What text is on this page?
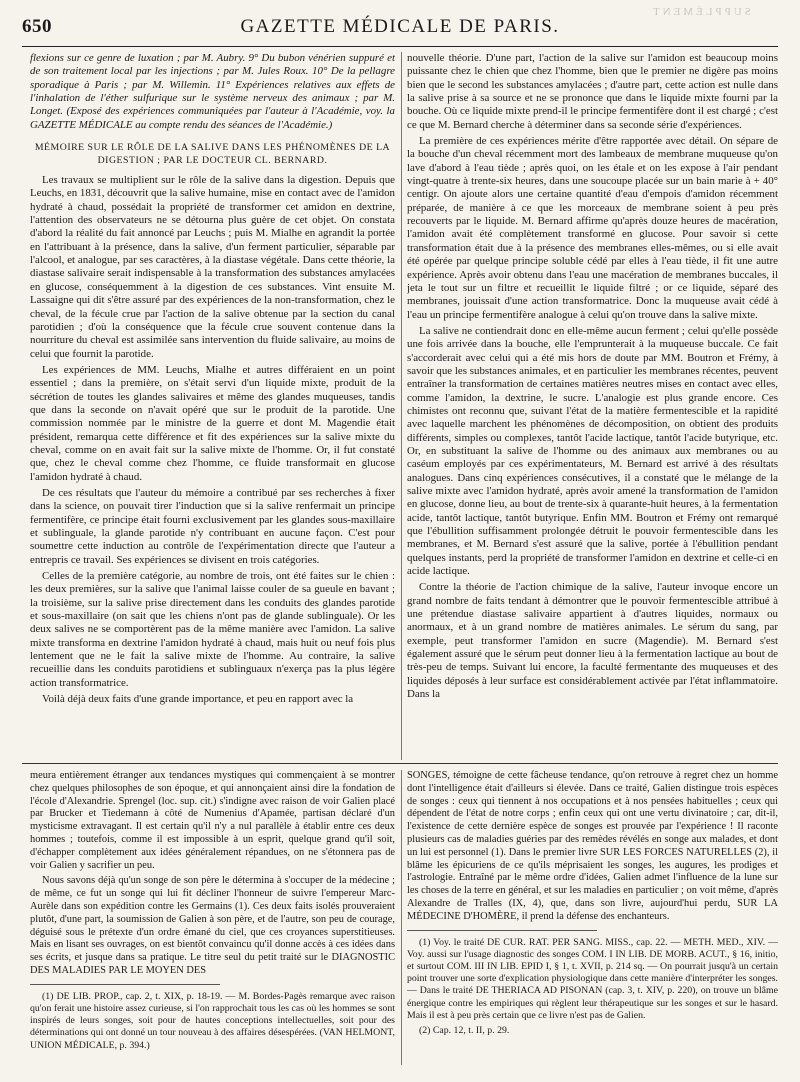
SUPPLÉMENT
650	GAZETTE MÉDICALE DE PARIS.

flexions sur ce genre de luxation ; par M. Aubry. 9° Du bubon vénérien suppuré et de son traitement local par les injections ; par M. Jules Roux. 10° De la pellagre sporadique à Paris ; par M. Willemin. 11° Expériences relatives aux effets de l'inhalation de l'éther sulfurique sur le système nerveux des animaux ; par M. Longet. (Exposé des expériences communiquées par l'auteur à l'Académie, voy. la GAZETTE MÉDICALE au compte rendu des séances de l'Académie.)

MÉMOIRE SUR LE RÔLE DE LA SALIVE DANS LES PHÉNOMÈNES DE LA DIGESTION ; PAR LE DOCTEUR CL. BERNARD.

Les travaux se multiplient sur le rôle de la salive dans la digestion. Depuis que Leuchs, en 1831, découvrit que la salive humaine, mise en contact avec de l'amidon hydraté à chaud, possédait la propriété de transformer cet amidon en dextrine, l'attention des observateurs ne se détourna plus guère de cet objet. On constata d'abord la réalité du fait annoncé par Leuchs ; puis M. Mialhe en agrandit la portée en l'attribuant à la présence, dans la salive, d'un ferment particulier, séparable par l'alcool, et analogue, par ses caractères, à la diastase végétale. Dans cette théorie, la diastase salivaire serait indispensable à la transformation des substances amylacées en glucose, conséquemment à la digestion de ces substances. Vint ensuite M. Lassaigne qui dit s'être assuré par des expériences de la non-transformation, chez le cheval, de la fécule crue par l'action de la salive obtenue par la section du canal parotidien ; d'où la conséquence que la fécule crue souvent contenue dans la nourriture du cheval est assimilée sans intervention du fluide salivaire, au moins de celui que fournit la parotide.

Les expériences de MM. Leuchs, Mialhe et autres différaient en un point essentiel ; dans la première, on s'était servi d'un liquide mixte, produit de la sécrétion de toutes les glandes salivaires et même des glandes muqueuses, tandis que dans la seconde on n'avait opéré que sur le produit de la parotide. Une commission nommée par le ministre de la guerre et dont M. Magendie était président, remarqua cette différence et fit des expériences sur la salive mixte du cheval, comme on en avait fait sur la salive mixte de l'homme. Or, il fut constaté que, chez le cheval comme chez l'homme, ce fluide transformait en glucose l'amidon hydraté à chaud.

De ces résultats que l'auteur du mémoire a contribué par ses recherches à fixer dans la science, on pouvait tirer l'induction que si la salive renfermait un principe fermentifère, ce principe était fourni exclusivement par les glandes sous-maxillaire et sublinguale, la glande parotide n'y contribuant en aucune façon. C'est pour soumettre cette induction au contrôle de l'expérimentation directe que l'auteur a entrepris ce travail. Ses expériences se divisent en trois catégories.

Celles de la première catégorie, au nombre de trois, ont été faites sur le chien : les deux premières, sur la salive que l'animal laisse couler de sa gueule en bavant ; la troisième, sur la salive prise directement dans les conduits des glandes parotide et sous-maxillaire (on sait que les chiens n'ont pas de glande sublinguale). Or les deux salives ne se comportèrent pas de la même manière avec l'amidon. La salive mixte transforma en dextrine l'amidon hydraté à chaud, mais huit ou neuf fois plus lentement que ne le fait la salive mixte de l'homme. Au contraire, la salive recueillie dans les conduits parotidiens et sublinguaux n'exerça pas la plus légère action transformatrice.

Voilà déjà deux faits d'une grande importance, et peu en rapport avec la

nouvelle théorie. D'une part, l'action de la salive sur l'amidon est beaucoup moins puissante chez le chien que chez l'homme, bien que le premier ne digère pas moins bien que le second les substances amylacées ; d'autre part, cette action est nulle dans la salive prise à sa source et ne se prononce que dans le liquide mixte fourni par la bouche. Où ce liquide mixte prend-il le principe fermentifère dont il est chargé ; c'est ce que M. Bernard cherche à déterminer dans sa seconde série d'expériences.

La première de ces expériences mérite d'être rapportée avec détail. On sépare de la bouche d'un cheval récemment mort des lambeaux de membrane muqueuse qu'on lave d'abord à l'eau tiède ; après quoi, on les étale et on les expose à l'air pendant vingt-quatre à trente-six heures, dans une soucoupe placée sur un bain marie à + 40° centigr. On ajoute alors une certaine quantité d'eau d'empois d'amidon récemment préparée, de manière à ce que les morceaux de membrane soient à peu près recouverts par le liquide. M. Bernard affirme qu'après douze heures de macération, l'amidon avait été complètement transformé en glucose. Pour savoir si cette transformation était due à la présence des membranes elles-mêmes, ou si elle avait été opérée par quelque principe soluble cédé par elles à l'eau tiède, il fit une autre expérience. Après avoir obtenu dans l'eau une macération de membranes buccales, il jeta le tout sur un filtre et recueillit le liquide filtré ; or ce liquide, séparé des membranes, jouissait d'une action transformatrice. Donc la muqueuse avait cédé à l'eau un principe fermentifère analogue à celui qu'on trouve dans la salive mixte.

La salive ne contiendrait donc en elle-même aucun ferment ; celui qu'elle possède une fois arrivée dans la bouche, elle l'emprunterait à la muqueuse buccale. Ce fait s'accorderait avec celui qui a été mis hors de doute par MM. Boutron et Frémy, à savoir que les substances animales, et en particulier les membranes récentes, peuvent entraîner la transformation de certaines matières neutres mises en contact avec elles, comme l'amidon, la dextrine, le sucre. L'analogie est plus grande encore. Ces chimistes ont reconnu que, suivant l'état de la matière fermentescible et la rapidité avec laquelle marchent les phénomènes de décomposition, on obtient des produits différents, simples ou complexes, tantôt l'acide lactique, tantôt l'acide butyrique, etc. Or, en substituant la salive de l'homme ou des animaux aux membranes ou au caséum employés par ces expérimentateurs, M. Bernard est arrivé à des résultats analogues. Dans cinq expériences consécutives, il a constaté que le mélange de la salive mixte avec l'amidon hydraté, après avoir amené la transformation de l'amidon en glucose, donne lieu, au bout de trente-six à quarante-huit heures, à la fermentation acide, tantôt lactique, tantôt butyrique. Enfin MM. Boutron et Frémy ont remarqué que l'ébullition suffisamment prolongée détruit le pouvoir fermentescible dans les membranes, et M. Bernard s'est assuré que la salive, portée à l'ébullition pendant quelques instants, perd la propriété de transformer l'amidon en dextrine et celle-ci en acide lactique.

Contre la théorie de l'action chimique de la salive, l'auteur invoque encore un grand nombre de faits tendant à démontrer que le pouvoir fermentescible attribué à une prétendue diastase salivaire appartient à d'autres liquides, normaux ou anormaux, et à un grand nombre de matières animales. Le sérum du sang, par exemple, peut transformer l'amidon en sucre (Magendie). M. Bernard s'est également assuré que le sérum peut donner lieu à la fermentation lactique au bout de très-peu de temps. Suivant lui encore, la faculté fermentante des muqueuses et des liquides déposés à leur surface est considérablement activée par l'état inflammatoire. Dans la

meura entièrement étranger aux tendances mystiques qui commençaient à se montrer chez quelques philosophes de son époque, et qui annonçaient ainsi dire la fondation de l'école d'Alexandrie. Sprengel (loc. sup. cit.) s'indigne avec raison de voir Galien placé par Brucker et Tiedemann à côté de Numenius d'Apamée, partisan déclaré d'un mysticisme extravagant. Il est certain qu'il n'y a nul parallèle à établir entre ces deux hommes ; toutefois, comme il est impossible à un esprit, quelque grand qu'il soit, d'échapper complètement aux idées généralement répandues, on ne s'étonnera pas de voir Galien y sacrifier un peu.

Nous savons déjà qu'un songe de son père le détermina à s'occuper de la médecine ; de même, ce fut un songe qui lui fit décliner l'honneur de suivre l'empereur Marc-Aurèle dans son expédition contre les Germains (1). Ces deux faits isolés prouveraient plutôt, d'une part, la soumission de Galien à son père, et de l'autre, son peu de courage, déguisé sous le prétexte d'un ordre émané du ciel, que ces croyances superstitieuses. Mais en lisant ses ouvrages, on est bientôt convaincu qu'il donne accès à ces idées dans ses écrits, et jusque dans sa pratique. Le titre seul du petit traité sur le DIAGNOSTIC DES MALADIES PAR LE MOYEN DES

(1) DE LIB. PROP., cap. 2, t. XIX, p. 18-19. — M. Bordes-Pagès remarque avec raison qu'on ferait une histoire assez curieuse, si l'on rapprochait tous les cas où les hommes se sont inspirés de leurs songes, soit pour de hautes conceptions intellectuelles, soit pour des déterminations qui ont donné un tour nouveau à des affaires désespérées. (VAN HELMONT, UNION MÉDICALE, p. 394.)

SONGES, témoigne de cette fâcheuse tendance, qu'on retrouve à regret chez un homme dont l'intelligence était d'ailleurs si élevée. Dans ce traité, Galien distingue trois espèces de songes : ceux qui tiennent à nos occupations et à nos pensées habituelles ; ceux qui dépendent de l'état de notre corps ; enfin ceux qui ont une vertu divinatoire ; car, dit-il, l'existence de cette dernière espèce de songes est prouvée par l'expérience ! Il raconte plusieurs cas de maladies guéries par des remèdes révélés en songe aux malades, et dont un lui est personnel (1). Dans le premier livre SUR LES FORCES NATURELLES (2), il blâme les épicuriens de ce qu'ils méprisaient les songes, les augures, les prodiges et l'astrologie. Entraîné par le même ordre d'idées, Galien admet l'influence de la lune sur les choses de la terre en général, et sur les maladies en particulier ; on voit même, d'après Alexandre de Tralles (IX, 4), que, dans son livre, aujourd'hui perdu, SUR LA MÉDECINE D'HOMÈRE, il prend la défense des enchanteurs.

(1) Voy. le traité DE CUR. RAT. PER SANG. MISS., cap. 22. — METH. MED., XIV. — Voy. aussi sur l'usage diagnostic des songes COM. I IN LIB. DE MORB. ACUT., § 16, initio, et surtout COM. III IN LIB. EPID I, § 1, t. XVII, p. 214 sq. — On pourrait jusqu'à un certain point trouver une sorte d'explication physiologique dans cette manière d'interpréter les songes. — Dans le traité DE THERIACA AD PISONAN (cap. 3, t. XIV, p. 220), on trouve un blâme énergique contre les empiriques qui règlent leur thérapeutique sur les songes et sur le hasard. Mais il est à peu près certain que ce livre n'est pas de Galien.

(2) Cap. 12, t. II, p. 29.
